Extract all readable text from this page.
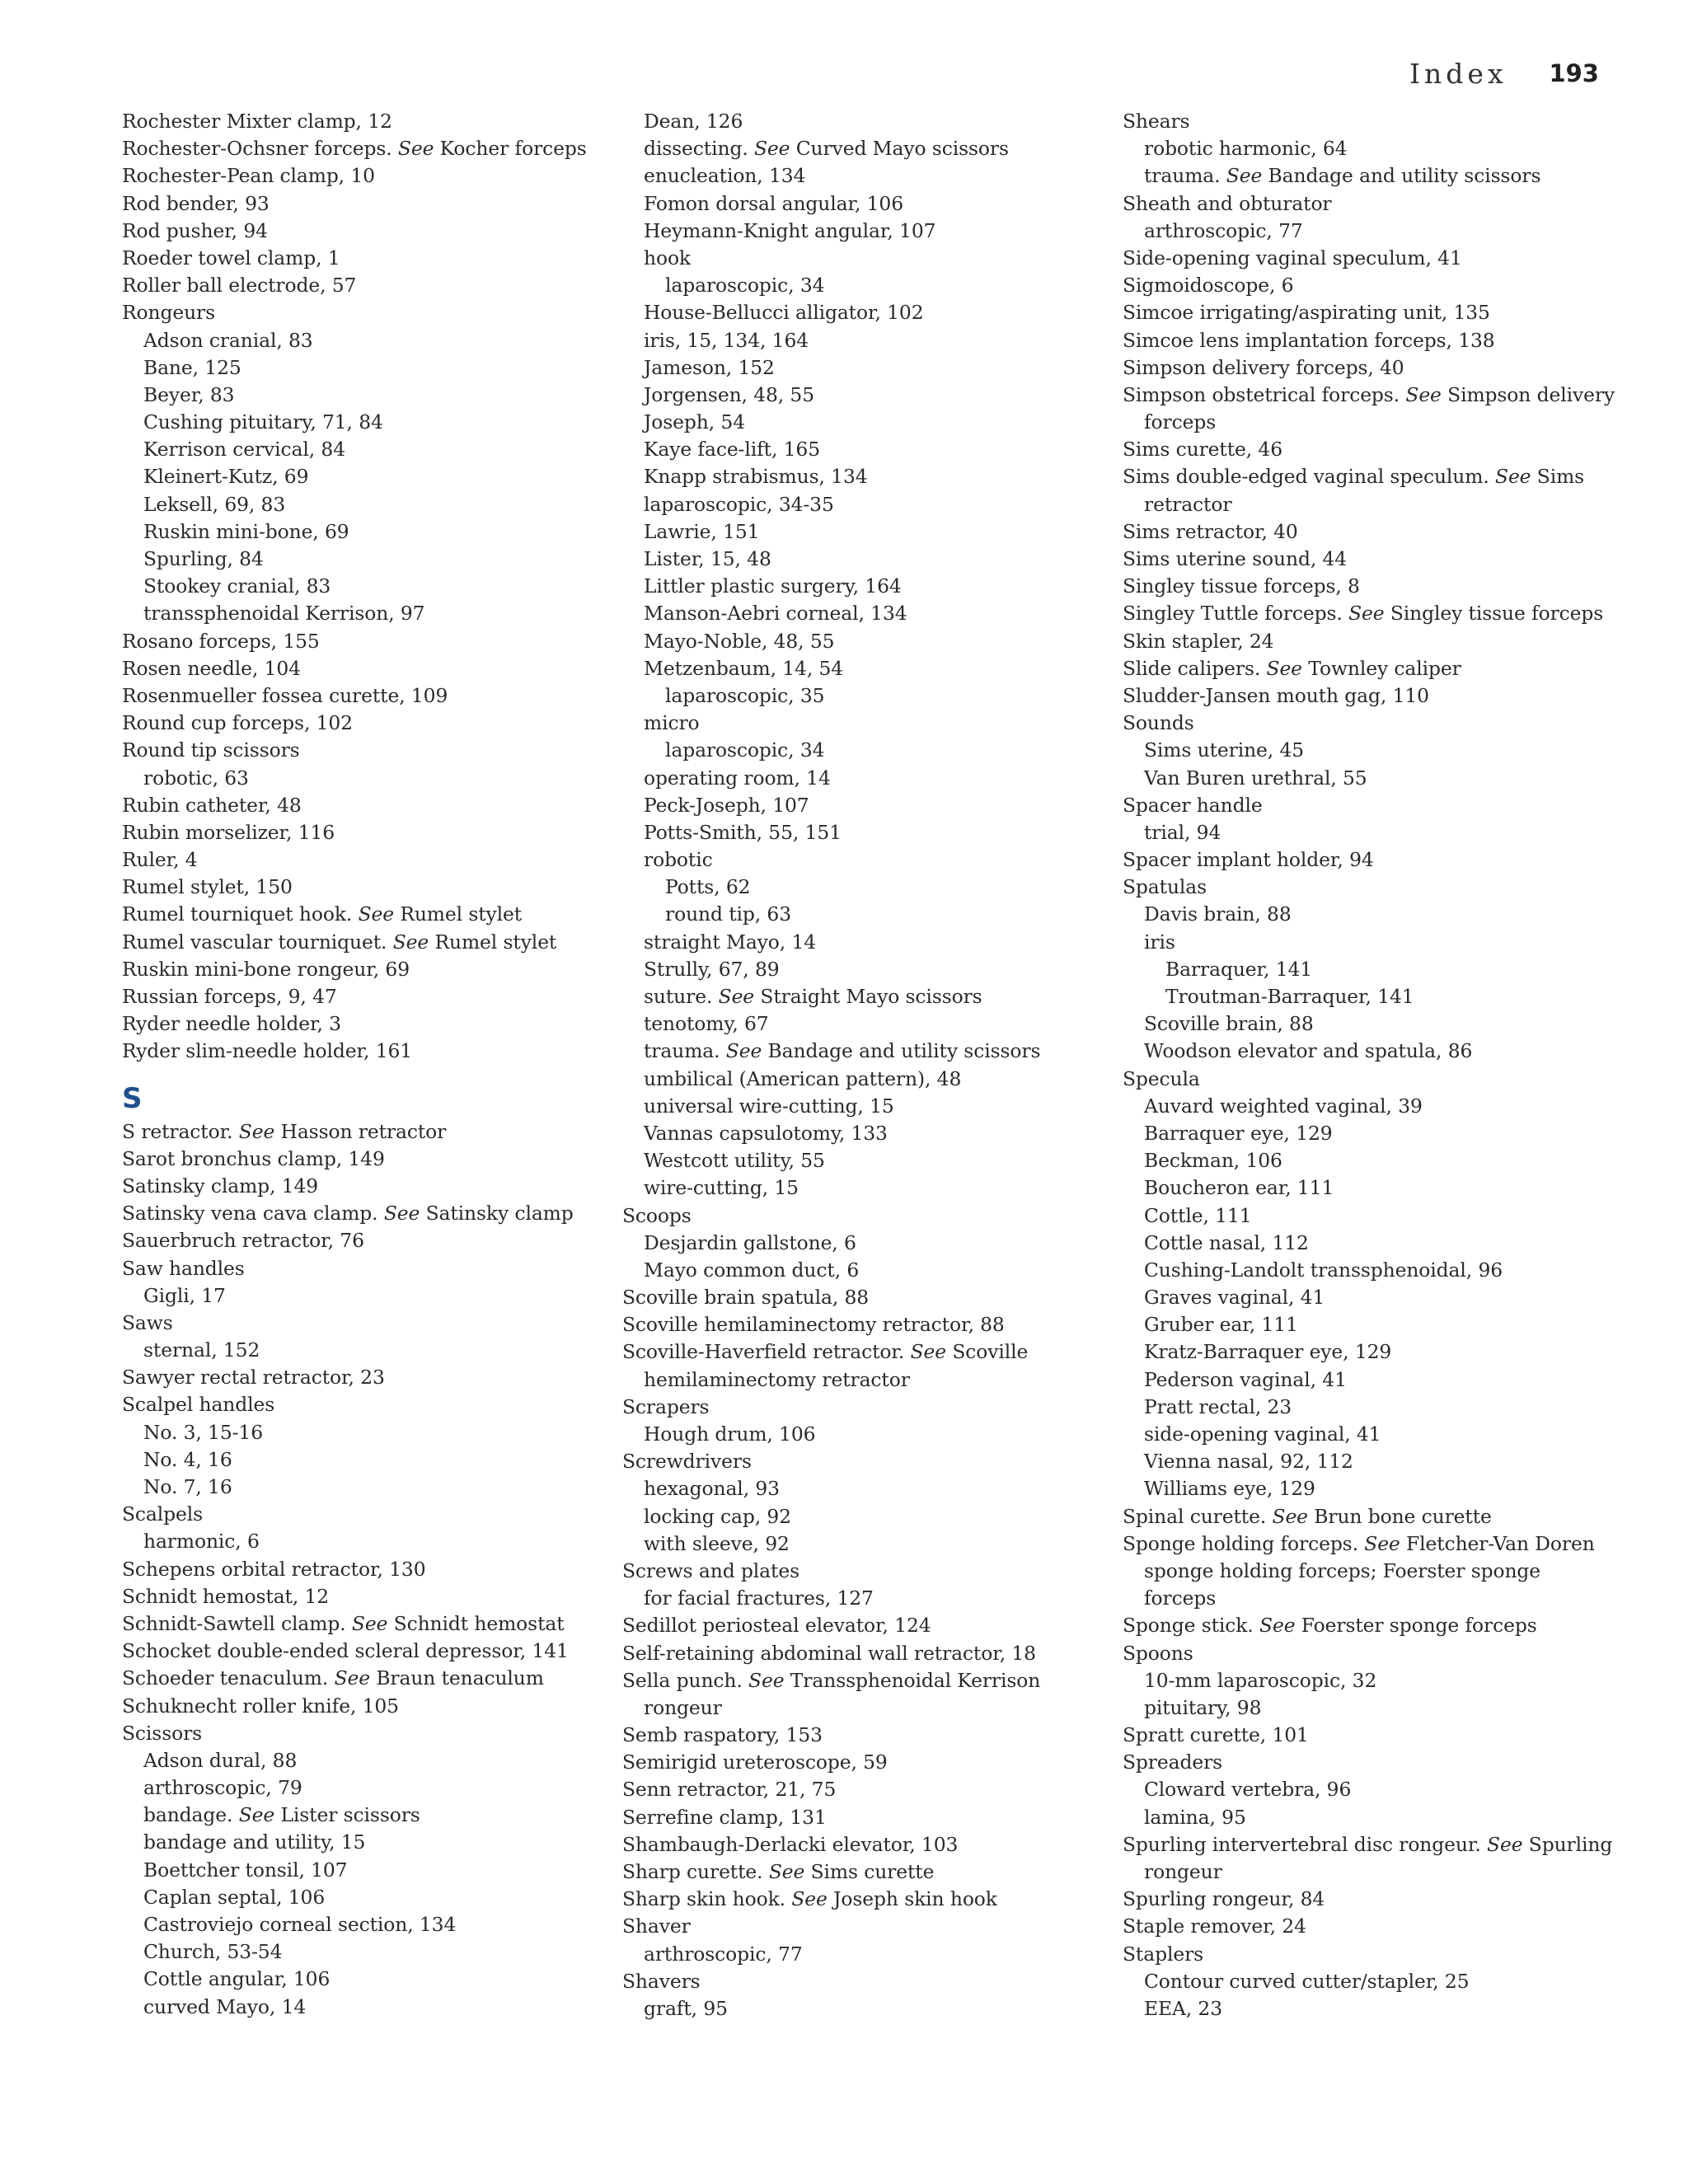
Index 193
Rochester Mixter clamp, 12
Rochester-Ochsner forceps. See Kocher forceps
Rochester-Pean clamp, 10
Rod bender, 93
Rod pusher, 94
Roeder towel clamp, 1
Roller ball electrode, 57
Rongeurs
Adson cranial, 83
Bane, 125
Beyer, 83
Cushing pituitary, 71, 84
Kerrison cervical, 84
Kleinert-Kutz, 69
Leksell, 69, 83
Ruskin mini-bone, 69
Spurling, 84
Stookey cranial, 83
transsphenoidal Kerrison, 97
Rosano forceps, 155
Rosen needle, 104
Rosenmueller fossea curette, 109
Round cup forceps, 102
Round tip scissors
robotic, 63
Rubin catheter, 48
Rubin morselizer, 116
Ruler, 4
Rumel stylet, 150
Rumel tourniquet hook. See Rumel stylet
Rumel vascular tourniquet. See Rumel stylet
Ruskin mini-bone rongeur, 69
Russian forceps, 9, 47
Ryder needle holder, 3
Ryder slim-needle holder, 161
S
S retractor. See Hasson retractor
Sarot bronchus clamp, 149
Satinsky clamp, 149
Satinsky vena cava clamp. See Satinsky clamp
Sauerbruch retractor, 76
Saw handles
Gigli, 17
Saws
sternal, 152
Sawyer rectal retractor, 23
Scalpel handles
No. 3, 15-16
No. 4, 16
No. 7, 16
Scalpels
harmonic, 6
Schepens orbital retractor, 130
Schnidt hemostat, 12
Schnidt-Sawtell clamp. See Schnidt hemostat
Schocket double-ended scleral depressor, 141
Schoeder tenaculum. See Braun tenaculum
Schuknecht roller knife, 105
Scissors
Adson dural, 88
arthroscopic, 79
bandage. See Lister scissors
bandage and utility, 15
Boettcher tonsil, 107
Caplan septal, 106
Castroviejo corneal section, 134
Church, 53-54
Cottle angular, 106
curved Mayo, 14
Dean, 126
dissecting. See Curved Mayo scissors
enucleation, 134
Fomon dorsal angular, 106
Heymann-Knight angular, 107
hook
laparoscopic, 34
House-Bellucci alligator, 102
iris, 15, 134, 164
Jameson, 152
Jorgensen, 48, 55
Joseph, 54
Kaye face-lift, 165
Knapp strabismus, 134
laparoscopic, 34-35
Lawrie, 151
Lister, 15, 48
Littler plastic surgery, 164
Manson-Aebri corneal, 134
Mayo-Noble, 48, 55
Metzenbaum, 14, 54
laparoscopic, 35
micro
laparoscopic, 34
operating room, 14
Peck-Joseph, 107
Potts-Smith, 55, 151
robotic
Potts, 62
round tip, 63
straight Mayo, 14
Strully, 67, 89
suture. See Straight Mayo scissors
tenotomy, 67
trauma. See Bandage and utility scissors
umbilical (American pattern), 48
universal wire-cutting, 15
Vannas capsulotomy, 133
Westcott utility, 55
wire-cutting, 15
Scoops
Desjardin gallstone, 6
Mayo common duct, 6
Scoville brain spatula, 88
Scoville hemilaminectomy retractor, 88
Scoville-Haverfield retractor. See Scoville
hemilaminectomy retractor
Scrapers
Hough drum, 106
Screwdrivers
hexagonal, 93
locking cap, 92
with sleeve, 92
Screws and plates
for facial fractures, 127
Sedillot periosteal elevator, 124
Self-retaining abdominal wall retractor, 18
Sella punch. See Transsphenoidal Kerrison
rongeur
Semb raspatory, 153
Semirigid ureteroscope, 59
Senn retractor, 21, 75
Serrefine clamp, 131
Shambaugh-Derlacki elevator, 103
Sharp curette. See Sims curette
Sharp skin hook. See Joseph skin hook
Shaver
arthroscopic, 77
Shavers
graft, 95
Shears
robotic harmonic, 64
trauma. See Bandage and utility scissors
Sheath and obturator
arthroscopic, 77
Side-opening vaginal speculum, 41
Sigmoidoscope, 6
Simcoe irrigating/aspirating unit, 135
Simcoe lens implantation forceps, 138
Simpson delivery forceps, 40
Simpson obstetrical forceps. See Simpson delivery
forceps
Sims curette, 46
Sims double-edged vaginal speculum. See Sims
retractor
Sims retractor, 40
Sims uterine sound, 44
Singley tissue forceps, 8
Singley Tuttle forceps. See Singley tissue forceps
Skin stapler, 24
Slide calipers. See Townley caliper
Sludder-Jansen mouth gag, 110
Sounds
Sims uterine, 45
Van Buren urethral, 55
Spacer handle
trial, 94
Spacer implant holder, 94
Spatulas
Davis brain, 88
iris
Barraquer, 141
Troutman-Barraquer, 141
Scoville brain, 88
Woodson elevator and spatula, 86
Specula
Auvard weighted vaginal, 39
Barraquer eye, 129
Beckman, 106
Boucheron ear, 111
Cottle, 111
Cottle nasal, 112
Cushing-Landolt transsphenoidal, 96
Graves vaginal, 41
Gruber ear, 111
Kratz-Barraquer eye, 129
Pederson vaginal, 41
Pratt rectal, 23
side-opening vaginal, 41
Vienna nasal, 92, 112
Williams eye, 129
Spinal curette. See Brun bone curette
Sponge holding forceps. See Fletcher-Van Doren
sponge holding forceps; Foerster sponge
forceps
Sponge stick. See Foerster sponge forceps
Spoons
10-mm laparoscopic, 32
pituitary, 98
Spratt curette, 101
Spreaders
Cloward vertebra, 96
lamina, 95
Spurling intervertebral disc rongeur. See Spurling
rongeur
Spurling rongeur, 84
Staple remover, 24
Staplers
Contour curved cutter/stapler, 25
EEA, 23
